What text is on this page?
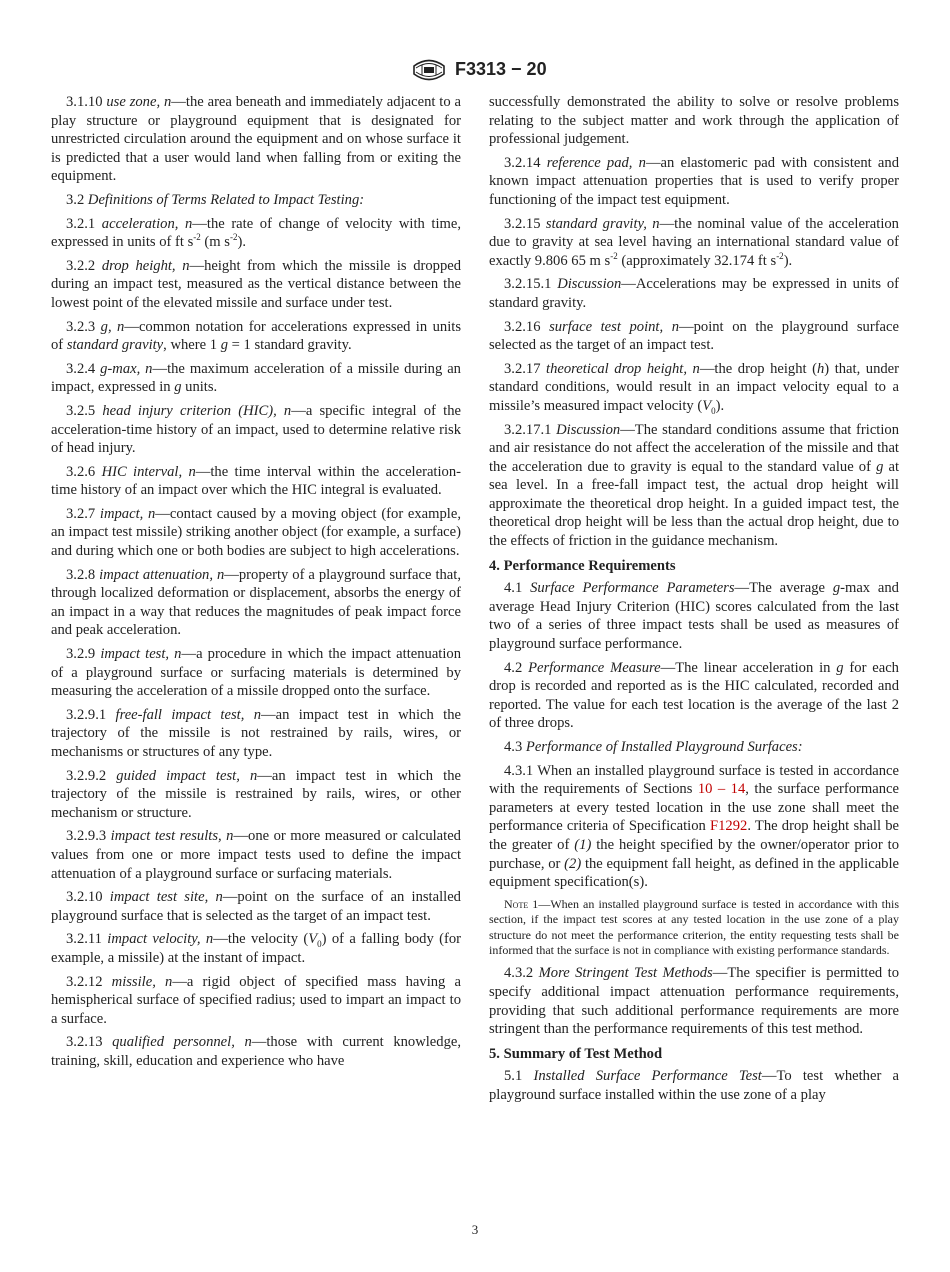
F3313 − 20

3.1.10 use zone, n—the area beneath and immediately adjacent to a play structure or playground equipment that is designated for unrestricted circulation around the equipment and on whose surface it is predicted that a user would land when falling from or exiting the equipment.

3.2 Definitions of Terms Related to Impact Testing:

3.2.1 acceleration, n—the rate of change of velocity with time, expressed in units of ft $s^{-2}$ (m $s^{-2}$).

3.2.2 drop height, n—height from which the missile is dropped during an impact test, measured as the vertical distance between the lowest point of the elevated missile and surface under test.

3.2.3 g, n—common notation for accelerations expressed in units of standard gravity, where 1 g = 1 standard gravity.

3.2.4 g-max, n—the maximum acceleration of a missile during an impact, expressed in g units.

3.2.5 head injury criterion (HIC), n—a specific integral of the acceleration-time history of an impact, used to determine relative risk of head injury.

3.2.6 HIC interval, n—the time interval within the acceleration-time history of an impact over which the HIC integral is evaluated.

3.2.7 impact, n—contact caused by a moving object (for example, an impact test missile) striking another object (for example, a surface) and during which one or both bodies are subject to high accelerations.

3.2.8 impact attenuation, n—property of a playground surface that, through localized deformation or displacement, absorbs the energy of an impact in a way that reduces the magnitudes of peak impact force and peak acceleration.

3.2.9 impact test, n—a procedure in which the impact attenuation of a playground surface or surfacing materials is determined by measuring the acceleration of a missile dropped onto the surface.

3.2.9.1 free-fall impact test, n—an impact test in which the trajectory of the missile is not restrained by rails, wires, or mechanisms or structures of any type.

3.2.9.2 guided impact test, n—an impact test in which the trajectory of the missile is restrained by rails, wires, or other mechanism or structure.

3.2.9.3 impact test results, n—one or more measured or calculated values from one or more impact tests used to define the impact attenuation of a playground surface or surfacing materials.

3.2.10 impact test site, n—point on the surface of an installed playground surface that is selected as the target of an impact test.

3.2.11 impact velocity, n—the velocity $(V_0)$ of a falling body (for example, a missile) at the instant of impact.

3.2.12 missile, n—a rigid object of specified mass having a hemispherical surface of specified radius; used to impart an impact to a surface.

3.2.13 qualified personnel, n—those with current knowledge, training, skill, education and experience who have

successfully demonstrated the ability to solve or resolve problems relating to the subject matter and work through the application of professional judgement.

3.2.14 reference pad, n—an elastomeric pad with consistent and known impact attenuation properties that is used to verify proper functioning of the impact test equipment.

3.2.15 standard gravity, n—the nominal value of the acceleration due to gravity at sea level having an international standard value of exactly 9.806 65 m $s^{-2}$ (approximately 32.174 ft $s^{-2}$).

3.2.15.1 Discussion—Accelerations may be expressed in units of standard gravity.

3.2.16 surface test point, n—point on the playground surface selected as the target of an impact test.

3.2.17 theoretical drop height, n—the drop height (h) that, under standard conditions, would result in an impact velocity equal to a missile’s measured impact velocity $(V_0)$.

3.2.17.1 Discussion—The standard conditions assume that friction and air resistance do not affect the acceleration of the missile and that the acceleration due to gravity is equal to the standard value of g at sea level. In a free-fall impact test, the actual drop height will approximate the theoretical drop height. In a guided impact test, the theoretical drop height will be less than the actual drop height, due to the effects of friction in the guidance mechanism.

4. Performance Requirements

4.1 Surface Performance Parameters—The average g-max and average Head Injury Criterion (HIC) scores calculated from the last two of a series of three impact tests shall be used as measures of playground surface performance.

4.2 Performance Measure—The linear acceleration in g for each drop is recorded and reported as is the HIC calculated, recorded and reported. The value for each test location is the average of the last 2 of three drops.

4.3 Performance of Installed Playground Surfaces:

4.3.1 When an installed playground surface is tested in accordance with the requirements of Sections 10 – 14, the surface performance parameters at every tested location in the use zone shall meet the performance criteria of Specification F1292. The drop height shall be the greater of (1) the height specified by the owner/operator prior to purchase, or (2) the equipment fall height, as defined in the applicable equipment specification(s).

Note 1—When an installed playground surface is tested in accordance with this section, if the impact test scores at any tested location in the use zone of a play structure do not meet the performance criterion, the entity requesting tests shall be informed that the surface is not in compliance with existing performance standards.

4.3.2 More Stringent Test Methods—The specifier is permitted to specify additional impact attenuation performance requirements, providing that such additional performance requirements are more stringent than the performance requirements of this test method.

5. Summary of Test Method

5.1 Installed Surface Performance Test—To test whether a playground surface installed within the use zone of a play

3
